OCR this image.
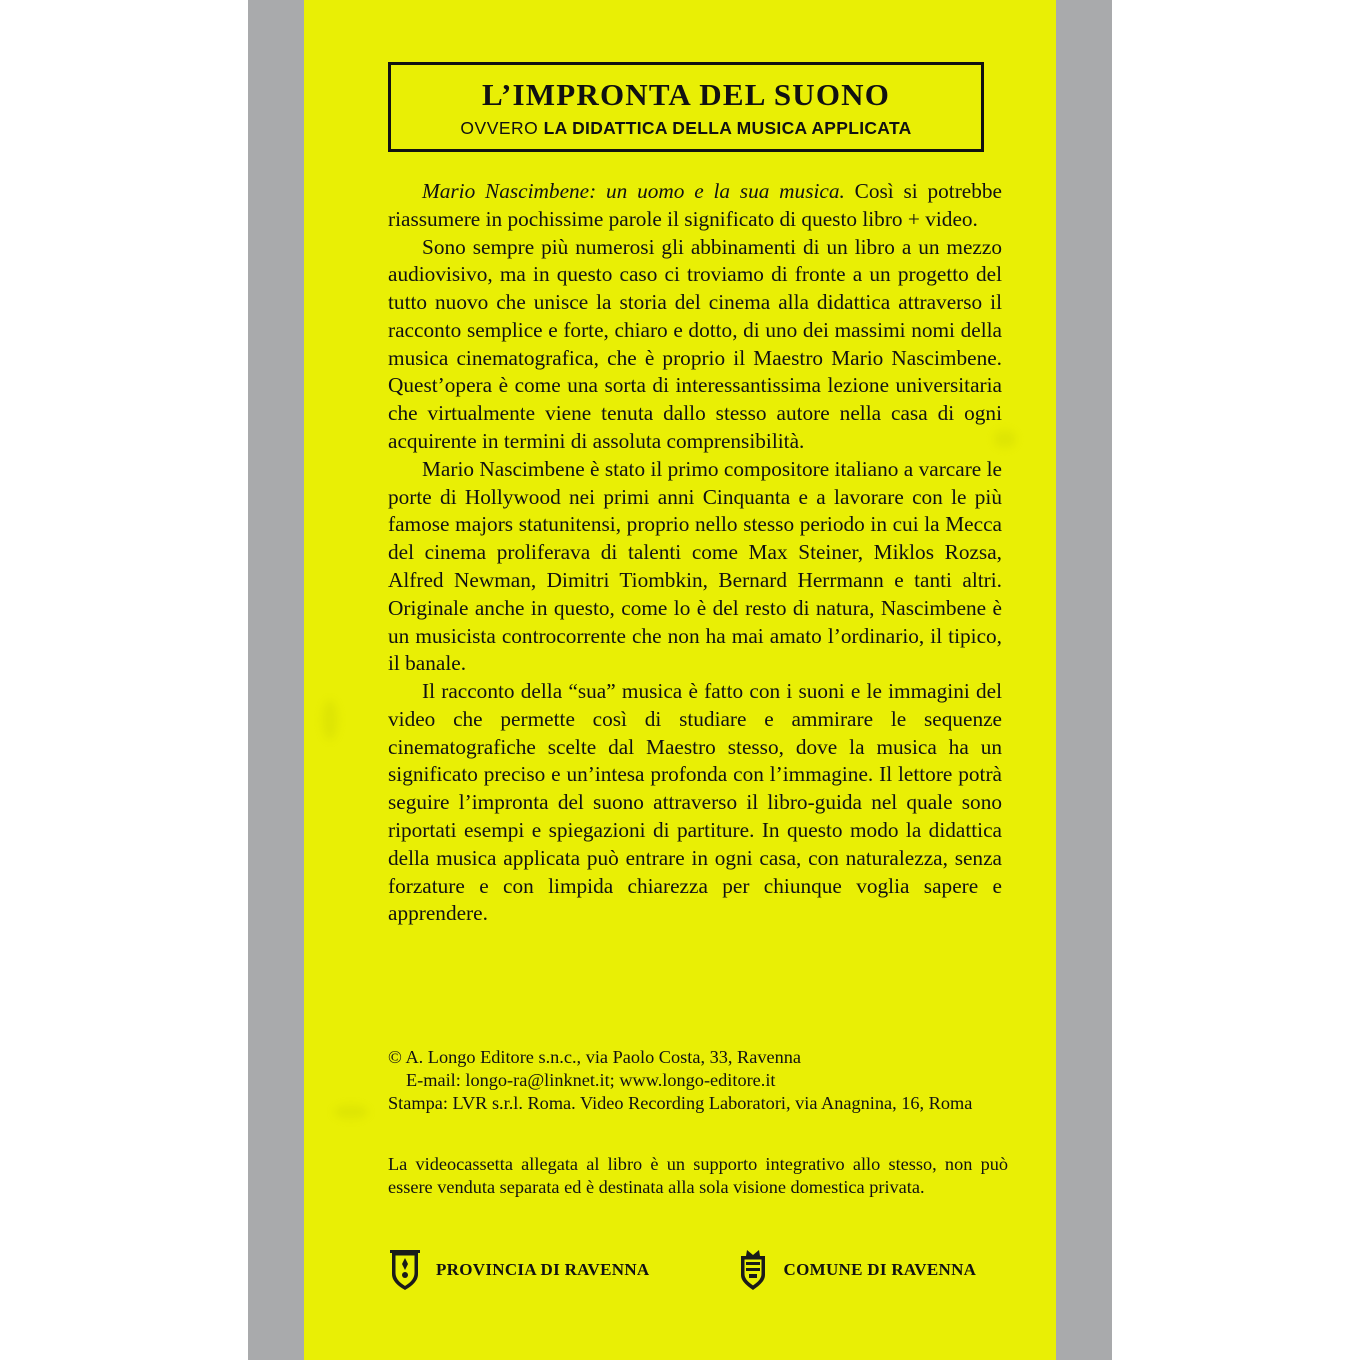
L’IMPRONTA DEL SUONO
OVVERO LA DIDATTICA DELLA MUSICA APPLICATA

Mario Nascimbene: un uomo e la sua musica. Così si potrebbe riassumere in pochissime parole il significato di questo libro + video.

Sono sempre più numerosi gli abbinamenti di un libro a un mezzo audiovisivo, ma in questo caso ci troviamo di fronte a un progetto del tutto nuovo che unisce la storia del cinema alla didattica attraverso il racconto semplice e forte, chiaro e dotto, di uno dei massimi nomi della musica cinematografica, che è proprio il Maestro Mario Nascimbene. Quest’opera è come una sorta di interessantissima lezione universitaria che virtualmente viene tenuta dallo stesso autore nella casa di ogni acquirente in termini di assoluta comprensibilità.

Mario Nascimbene è stato il primo compositore italiano a varcare le porte di Hollywood nei primi anni Cinquanta e a lavorare con le più famose majors statunitensi, proprio nello stesso periodo in cui la Mecca del cinema proliferava di talenti come Max Steiner, Miklos Rozsa, Alfred Newman, Dimitri Tiombkin, Bernard Herrmann e tanti altri. Originale anche in questo, come lo è del resto di natura, Nascimbene è un musicista controcorrente che non ha mai amato l’ordinario, il tipico, il banale.

Il racconto della “sua” musica è fatto con i suoni e le immagini del video che permette così di studiare e ammirare le sequenze cinematografiche scelte dal Maestro stesso, dove la musica ha un significato preciso e un’intesa profonda con l’immagine. Il lettore potrà seguire l’impronta del suono attraverso il libro-guida nel quale sono riportati esempi e spiegazioni di partiture. In questo modo la didattica della musica applicata può entrare in ogni casa, con naturalezza, senza forzature e con limpida chiarezza per chiunque voglia sapere e apprendere.

© A. Longo Editore s.n.c., via Paolo Costa, 33, Ravenna

E-mail: longo-ra@linknet.it; www.longo-editore.it

Stampa: LVR s.r.l. Roma. Video Recording Laboratori, via Anagnina, 16, Roma

La videocassetta allegata al libro è un supporto integrativo allo stesso, non può essere venduta separata ed è destinata alla sola visione domestica privata.

PROVINCIA DI RAVENNA	COMUNE DI RAVENNA
